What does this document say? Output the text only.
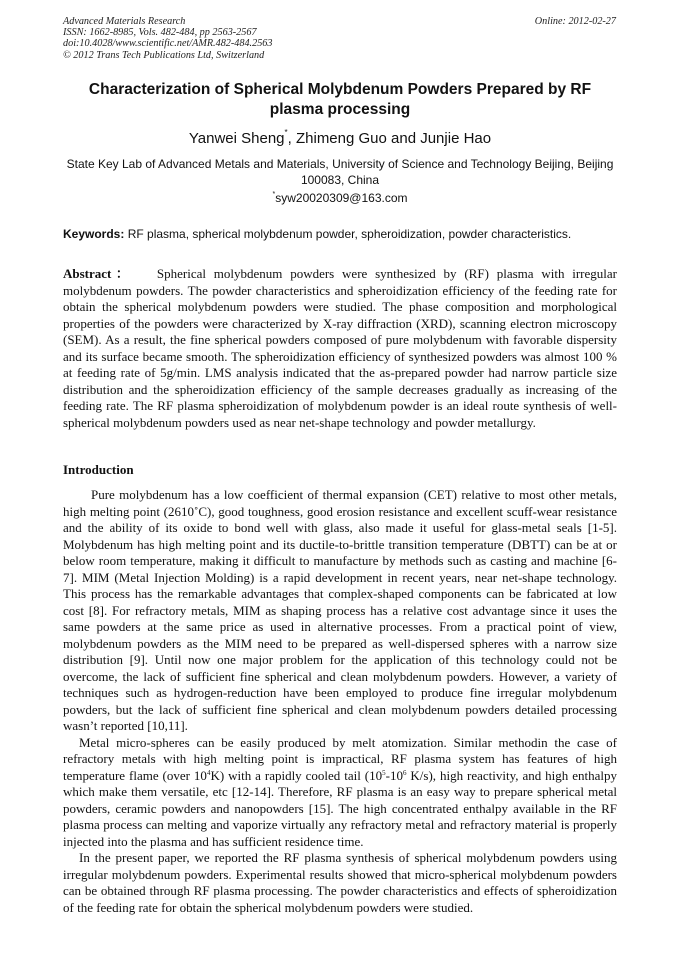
Advanced Materials Research
ISSN: 1662-8985, Vols. 482-484, pp 2563-2567
doi:10.4028/www.scientific.net/AMR.482-484.2563
© 2012 Trans Tech Publications Ltd, Switzerland
Online: 2012-02-27
Characterization of Spherical Molybdenum Powders Prepared by RF plasma processing
Yanwei Sheng*, Zhimeng Guo and Junjie Hao
State Key Lab of Advanced Metals and Materials, University of Science and Technology Beijing, Beijing 100083, China
*syw20020309@163.com
Keywords: RF plasma, spherical molybdenum powder, spheroidization, powder characteristics.
Abstract： Spherical molybdenum powders were synthesized by (RF) plasma with irregular molybdenum powders. The powder characteristics and spheroidization efficiency of the feeding rate for obtain the spherical molybdenum powders were studied. The phase composition and morphological properties of the powders were characterized by X-ray diffraction (XRD), scanning electron microscopy (SEM). As a result, the fine spherical powders composed of pure molybdenum with favorable dispersity and its surface became smooth. The spheroidization efficiency of synthesized powders was almost 100 % at feeding rate of 5g/min. LMS analysis indicated that the as-prepared powder had narrow particle size distribution and the spheroidization efficiency of the sample decreases gradually as increasing of the feeding rate. The RF plasma spheroidization of molybdenum powder is an ideal route synthesis of well- spherical molybdenum powders used as near net-shape technology and powder metallurgy.
Introduction

Pure molybdenum has a low coefficient of thermal expansion (CET) relative to most other metals, high melting point (2610˚C), good toughness, good erosion resistance and excellent scuff-wear resistance and the ability of its oxide to bond well with glass, also made it useful for glass-metal seals [1-5]. Molybdenum has high melting point and its ductile-to-brittle transition temperature (DBTT) can be at or below room temperature, making it difficult to manufacture by methods such as casting and machine [6-7]. MIM (Metal Injection Molding) is a rapid development in recent years, near net-shape technology. This process has the remarkable advantages that complex-shaped components can be fabricated at low cost [8]. For refractory metals, MIM as shaping process has a relative cost advantage since it uses the same powders at the same price as used in alternative processes. From a practical point of view, molybdenum powders as the MIM need to be prepared as well-dispersed spheres with a narrow size distribution [9]. Until now one major problem for the application of this technology could not be overcome, the lack of sufficient fine spherical and clean molybdenum powders. However, a variety of techniques such as hydrogen-reduction have been employed to produce fine irregular molybdenum powders, but the lack of sufficient fine spherical and clean molybdenum powders detailed processing wasn’t reported [10,11].

Metal micro-spheres can be easily produced by melt atomization. Similar methodin the case of refractory metals with high melting point is impractical, RF plasma system has features of high temperature flame (over $10^4K$) with a rapidly cooled tail ($10^5-10^6$ K/s), high reactivity, and high enthalpy which make them versatile, etc [12-14]. Therefore, RF plasma is an easy way to prepare spherical metal powders, ceramic powders and nanopowders [15]. The high concentrated enthalpy available in the RF plasma process can melting and vaporize virtually any refractory metal and refractory material is properly injected into the plasma and has sufficient residence time.

In the present paper, we reported the RF plasma synthesis of spherical molybdenum powders using irregular molybdenum powders. Experimental results showed that micro-spherical molybdenum powders can be obtained through RF plasma processing. The powder characteristics and effects of spheroidization of the feeding rate for obtain the spherical molybdenum powders were studied.
